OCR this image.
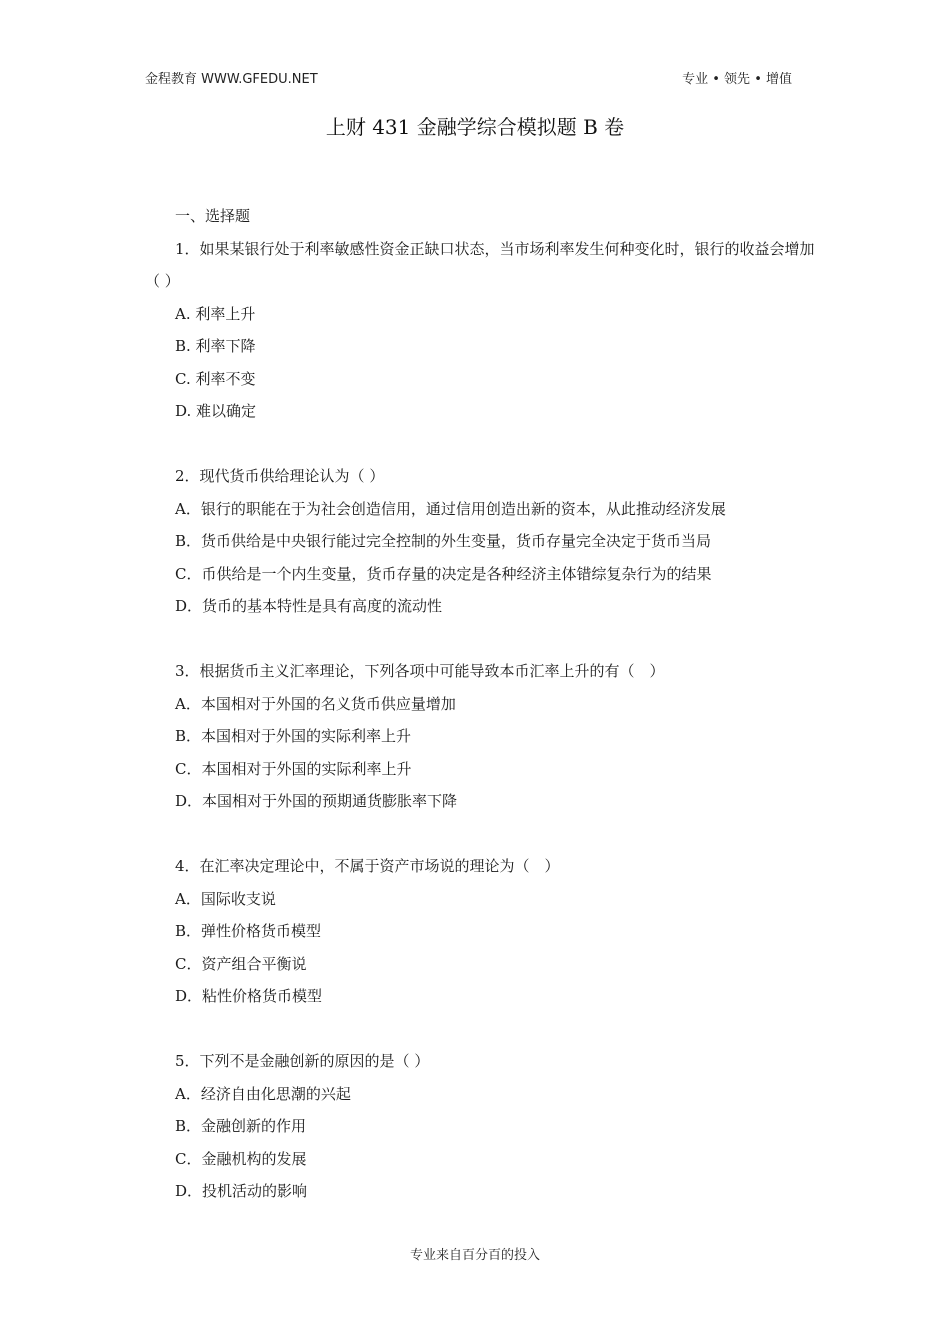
金程教育 WWW.GFEDU.NET	专业 • 领先 • 增值
上财 431 金融学综合模拟题 B 卷

一、选择题

1．如果某银行处于利率敏感性资金正缺口状态，当市场利率发生何种变化时，银行的收益会增加（ ）

A. 利率上升

B. 利率下降

C. 利率不变

D. 难以确定

2．现代货币供给理论认为（ ）

A．银行的职能在于为社会创造信用，通过信用创造出新的资本，从此推动经济发展

B．货币供给是中央银行能过完全控制的外生变量，货币存量完全决定于货币当局

C．币供给是一个内生变量，货币存量的决定是各种经济主体错综复杂行为的结果

D．货币的基本特性是具有高度的流动性

3．根据货币主义汇率理论，下列各项中可能导致本币汇率上升的有（　）

A．本国相对于外国的名义货币供应量增加

B．本国相对于外国的实际利率上升

C．本国相对于外国的实际利率上升

D．本国相对于外国的预期通货膨胀率下降

4．在汇率决定理论中，不属于资产市场说的理论为（　）

A．国际收支说

B．弹性价格货币模型

C．资产组合平衡说

D．粘性价格货币模型

5．下列不是金融创新的原因的是（ ）

A．经济自由化思潮的兴起

B．金融创新的作用

C．金融机构的发展

D．投机活动的影响

专业来自百分百的投入
